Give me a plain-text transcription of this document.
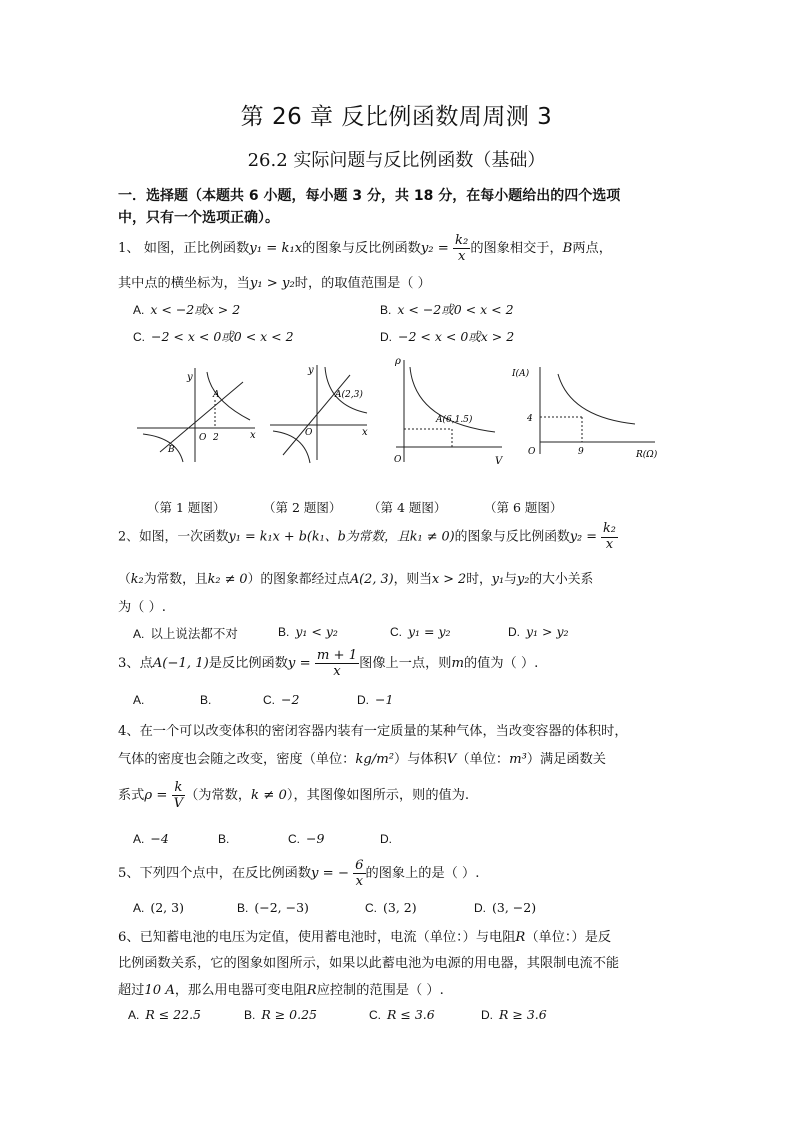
第 26 章 反比例函数周周测 3
26.2 实际问题与反比例函数（基础）
一．选择题（本题共 6 小题，每小题 3 分，共 18 分，在每小题给出的四个选项
中，只有一个选项正确）。
1、 如图，正比例函数y₁ = k₁x的图象与反比例函数$y_2 = \frac{\text{k₂}}{x}$ 的图象相交于，B两点，
其中点的横坐标为，当y₁ > y₂时，的取值范围是（ ）
A. x < −2或x > 2	B. x < −2或0 < x < 2
C. −2 < x < 0或0 < x < 2	D. −2 < x < 0或x > 2
y
x
A
B
O 2
y
x
A(2,3)
O
ρ
V
A(6,1.5)
O
I(A)
R(Ω)
4
9
O
（第 1 题图）	（第 2 题图） （第 4 题图）	（第 6 题图）
2、如图，一次函数y₁ = k₁x + b(k₁、b为常数，且k₁ ≠ 0)的图象与反比例函数$y_2 = \frac{\text{k₂}}{x}$
（k₂为常数，且k₂ ≠ 0）的图象都经过点A(2, 3)，则当x > 2时，y₁与y₂的大小关系
为（ ）.
A. 以上说法都不对	B. y₁ < y₂	C. y₁ = y₂	D. y₁ > y₂
3、点A(−1, 1)是反比例函数$y = \frac{m + 1}{x}$ 图像上一点，则m的值为（ ）.
A.	B.	C. −2	D. −1
4、在一个可以改变体积的密闭容器内装有一定质量的某种气体，当改变容器的体积时，
气体的密度也会随之改变，密度（单位：kg/m²）与体积V（单位：m³）满足函数关
系式$\rho = \frac{k}{V}$ （为常数，k ≠ 0），其图像如图所示，则的值为.
A. −4	B.	C. −9	D.
5、下列四个点中，在反比例函数y = − $\frac{6}{x}$ 的图象上的是（ ）.
A. (2, 3)	B. (−2, −3)	C. (3, 2)	D. (3, −2)
6、已知蓄电池的电压为定值，使用蓄电池时，电流（单位：）与电阻R（单位：）是反
比例函数关系，它的图象如图所示，如果以此蓄电池为电源的用电器，其限制电流不能
超过10 A，那么用电器可变电阻R应控制的范围是（ ）.
A. R ≤ 22.5	B. R ≥ 0.25	C. R ≤ 3.6	D. R ≥ 3.6
